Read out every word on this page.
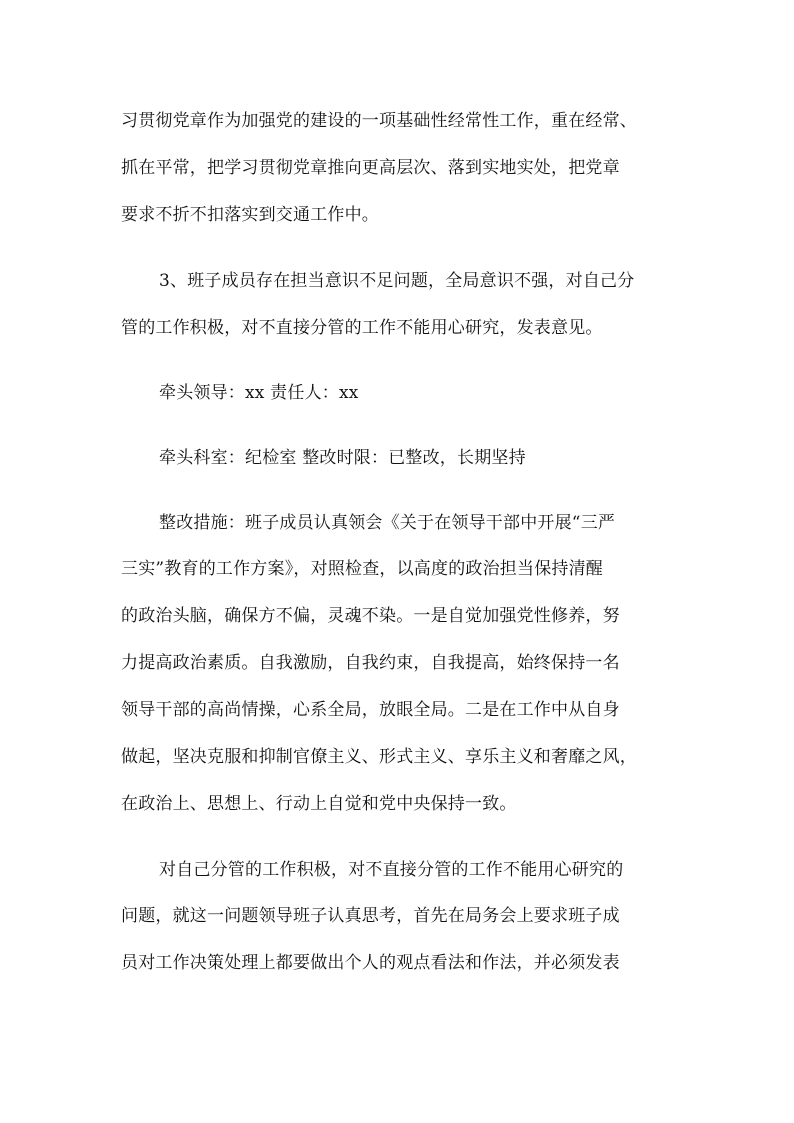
习贯彻党章作为加强党的建设的一项基础性经常性工作，重在经常、
抓在平常，把学习贯彻党章推向更高层次、落到实地实处，把党章
要求不折不扣落实到交通工作中。
3、班子成员存在担当意识不足问题，全局意识不强，对自己分
管的工作积极，对不直接分管的工作不能用心研究，发表意见。
牵头领导：xx 责任人：xx
牵头科室：纪检室 整改时限：已整改，长期坚持
整改措施：班子成员认真领会《关于在领导干部中开展“三严
三实”教育的工作方案》，对照检查，以高度的政治担当保持清醒
的政治头脑，确保方不偏，灵魂不染。一是自觉加强党性修养，努
力提高政治素质。自我激励，自我约束，自我提高，始终保持一名
领导干部的高尚情操，心系全局，放眼全局。二是在工作中从自身
做起，坚决克服和抑制官僚主义、形式主义、享乐主义和奢靡之风，
在政治上、思想上、行动上自觉和党中央保持一致。
对自己分管的工作积极，对不直接分管的工作不能用心研究的
问题，就这一问题领导班子认真思考，首先在局务会上要求班子成
员对工作决策处理上都要做出个人的观点看法和作法，并必须发表
